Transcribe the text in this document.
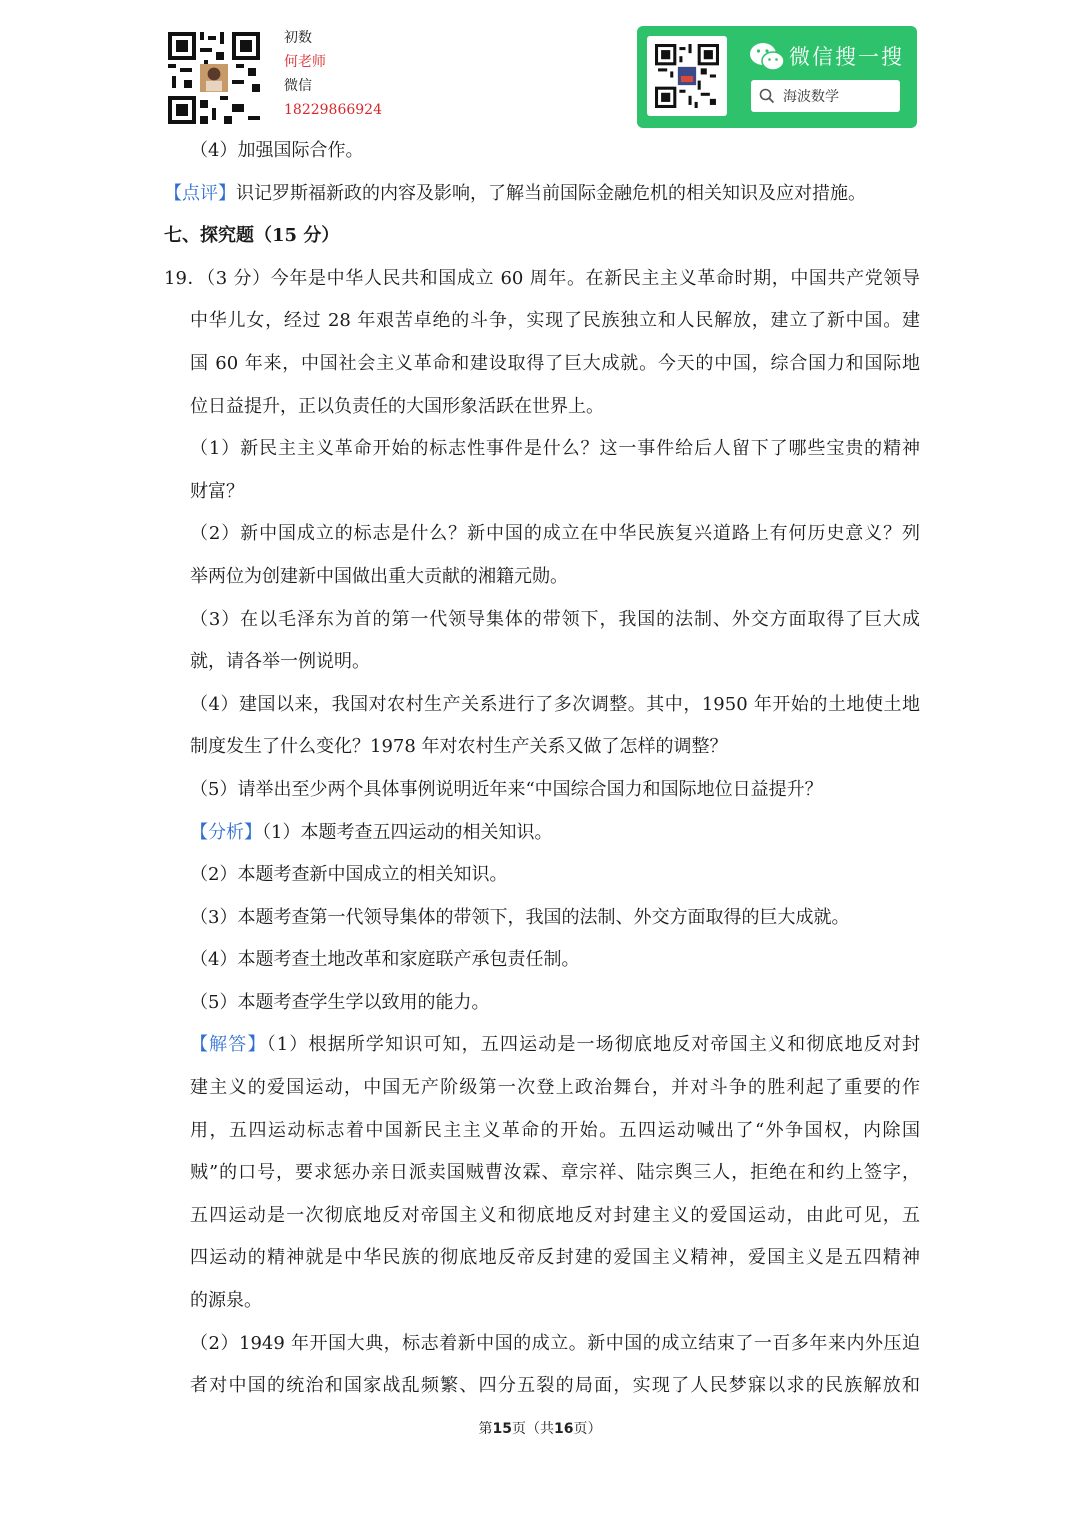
初数
何老师
微信
18229866924
微信搜一搜
海波数学
（4）加强国际合作。
【点评】识记罗斯福新政的内容及影响，了解当前国际金融危机的相关知识及应对措施。
七、探究题（15 分）
19．（3 分）今年是中华人民共和国成立 60 周年。在新民主主义革命时期，中国共产党领导
中华儿女，经过 28 年艰苦卓绝的斗争，实现了民族独立和人民解放，建立了新中国。建
国 60 年来，中国社会主义革命和建设取得了巨大成就。今天的中国，综合国力和国际地
位日益提升，正以负责任的大国形象活跃在世界上。
（1）新民主主义革命开始的标志性事件是什么？这一事件给后人留下了哪些宝贵的精神
财富？
（2）新中国成立的标志是什么？新中国的成立在中华民族复兴道路上有何历史意义？列
举两位为创建新中国做出重大贡献的湘籍元勋。
（3）在以毛泽东为首的第一代领导集体的带领下，我国的法制、外交方面取得了巨大成
就，请各举一例说明。
（4）建国以来，我国对农村生产关系进行了多次调整。其中，1950 年开始的土地使土地
制度发生了什么变化？1978 年对农村生产关系又做了怎样的调整？
（5）请举出至少两个具体事例说明近年来“中国综合国力和国际地位日益提升？
【分析】（1）本题考查五四运动的相关知识。
（2）本题考查新中国成立的相关知识。
（3）本题考查第一代领导集体的带领下，我国的法制、外交方面取得的巨大成就。
（4）本题考查土地改革和家庭联产承包责任制。
（5）本题考查学生学以致用的能力。
【解答】（1）根据所学知识可知，五四运动是一场彻底地反对帝国主义和彻底地反对封
建主义的爱国运动，中国无产阶级第一次登上政治舞台，并对斗争的胜利起了重要的作
用，五四运动标志着中国新民主主义革命的开始。五四运动喊出了“外争国权，内除国
贼”的口号，要求惩办亲日派卖国贼曹汝霖、章宗祥、陆宗舆三人，拒绝在和约上签字，
五四运动是一次彻底地反对帝国主义和彻底地反对封建主义的爱国运动，由此可见，五
四运动的精神就是中华民族的彻底地反帝反封建的爱国主义精神，爱国主义是五四精神
的源泉。
（2）1949 年开国大典，标志着新中国的成立。新中国的成立结束了一百多年来内外压迫
者对中国的统治和国家战乱频繁、四分五裂的局面，实现了人民梦寐以求的民族解放和
第15页（共16页）
